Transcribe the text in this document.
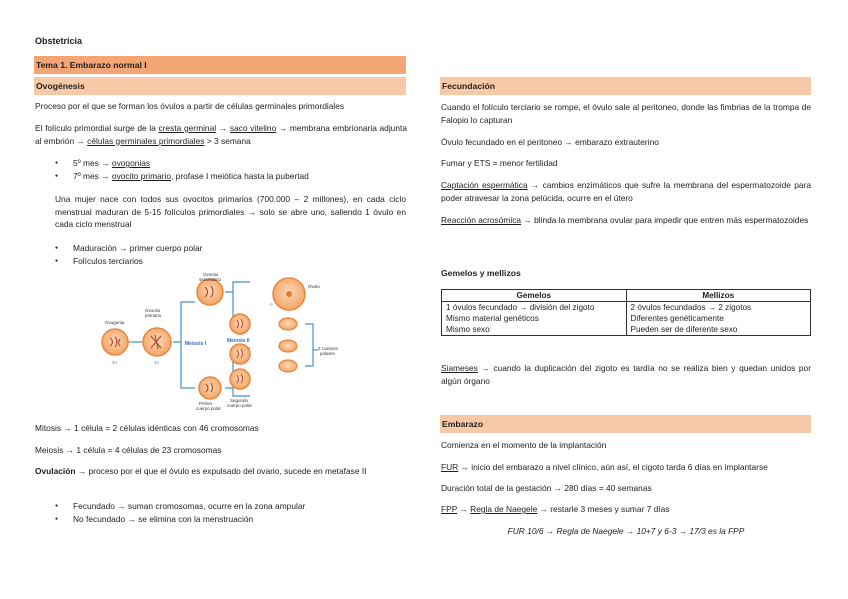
Obstetricia
Tema 1. Embarazo normal I
Ovogénesis

Proceso por el que se forman los óvulos a partir de células germinales primordiales

El folículo primordial surge de la cresta germinal → saco vitelino → membrana embrionaria adjunta al embrión → células germinales primordiales > 3 semana

● 5º mes → ovogonias
● 7º mes → ovocito primario, profase I meiótica hasta la pubertad

Una mujer nace con todos sus ovocitos primarios (700.000 – 2 millones), en cada ciclo menstrual maduran de 5-15 folículos primordiales → solo se abre uno, saliendo 1 óvulo en cada ciclo menstrual

● Maduración → primer cuerpo polar
● Folículos terciarios
Ovogonia
Ovocito
primario
Ovocito
secundario
Óvulo
Primer
cuerpo polar
Segundo
cuerpo polar
3 cuerpos
polares
2n	2n
n
Meiosis I	Meiosis II

Mitosis → 1 célula = 2 células idénticas con 46 cromosomas

Meiosis → 1 célula = 4 células de 23 cromosomas

Ovulación → proceso por el que el óvulo es expulsado del ovario, sucede en metafase II

● Fecundado → suman cromosomas, ocurre en la zona ampular
● No fecundado → se elimina con la menstruación
Fecundación

Cuando el folículo terciario se rompe, el óvulo sale al peritoneo, donde las fimbrias de la trompa de Falopio lo capturan

Óvulo fecundado en el peritoneo → embarazo extrauterino

Fumar y ETS = menor fertilidad

Captación espermática → cambios enzimáticos que sufre la membrana del espermatozoide para poder atravesar la zona pelúcida, ocurre en el útero

Reacción acrosómica → blinda la membrana ovular para impedir que entren más espermatozoides

Gemelos y mellizos
Gemelos	Mellizos
1 óvulos fecundado → división del zigoto	2 óvulos fecundados → 2 zigotos
Mismo material genéticos	Diferentes genéticamente
Mismo sexo	Pueden ser de diferente sexo

Siameses → cuando la duplicación del zigoto es tardía no se realiza bien y quedan unidos por algún órgano

Embarazo

Comienza en el momento de la implantación

FUR → inicio del embarazo a nivel clínico, aún así, el cigoto tarda 6 días en implantarse

Duración total de la gestación → 280 días = 40 semanas

FPP → Regla de Naegele → restarle 3 meses y sumar 7 días

FUR 10/6 → Regla de Naegele → 10+7 y 6-3 → 17/3 es la FPP
